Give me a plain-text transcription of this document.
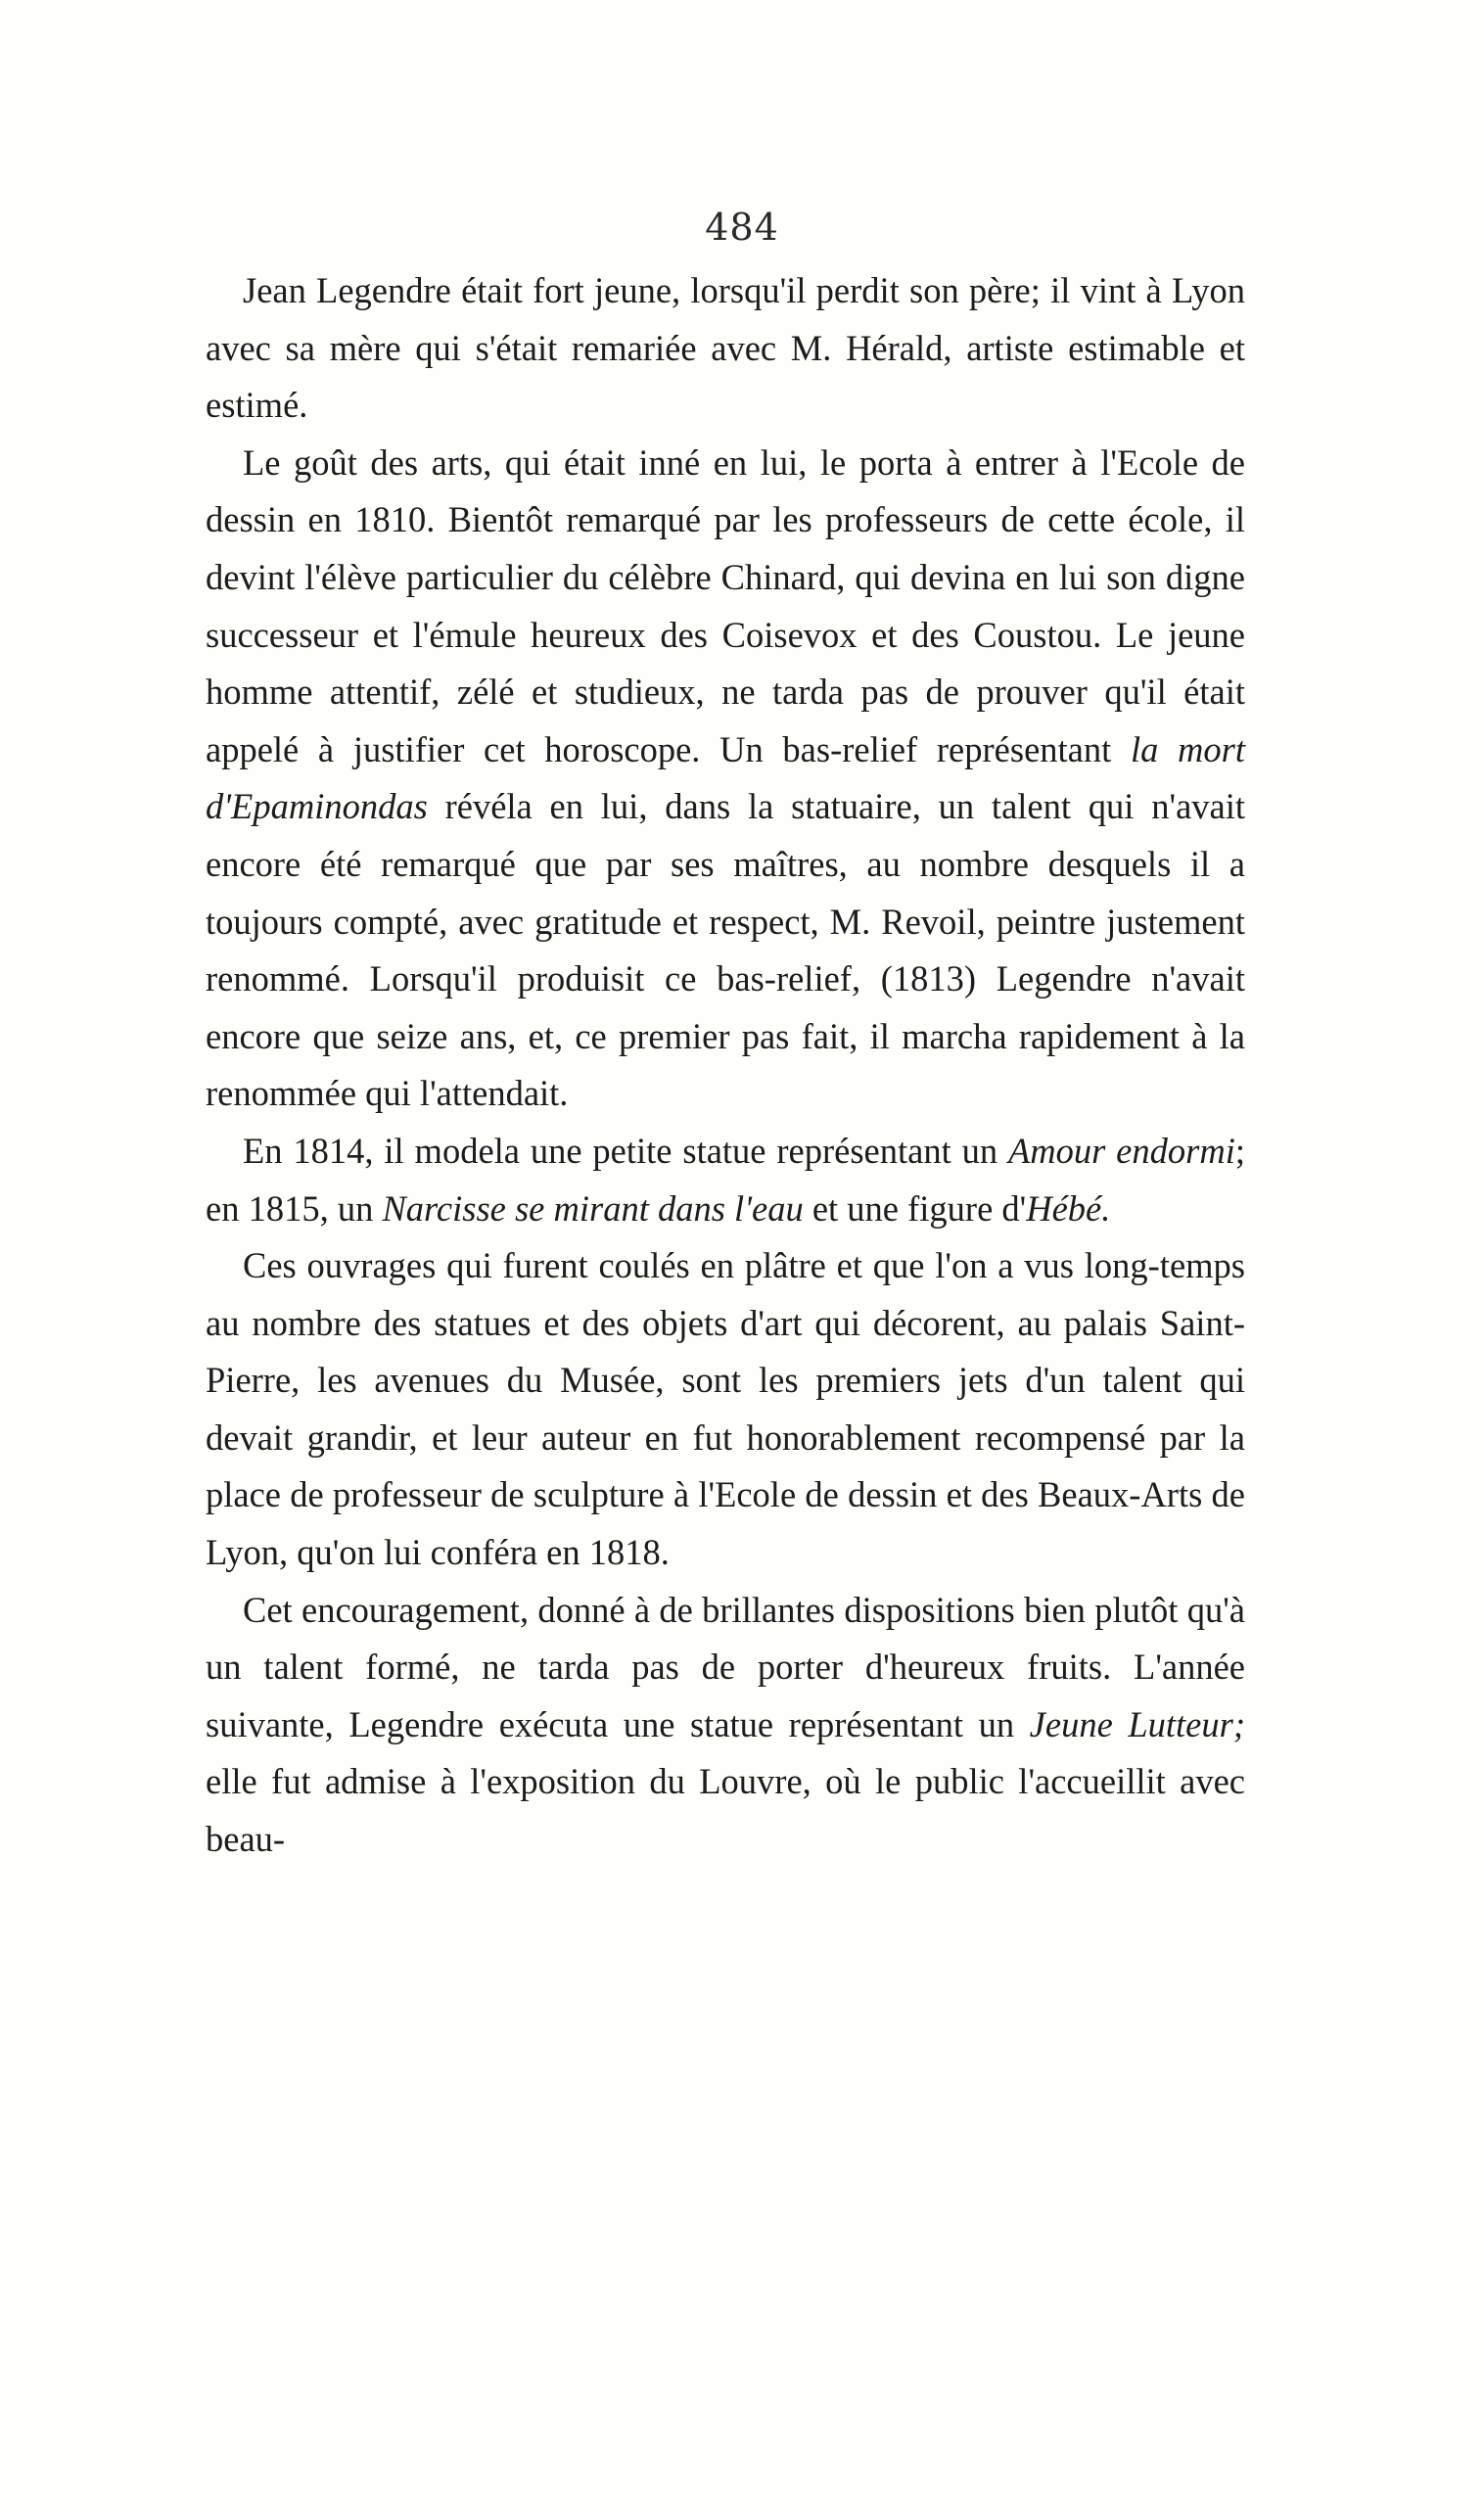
484

Jean Legendre était fort jeune, lorsqu'il perdit son père; il vint à Lyon avec sa mère qui s'était remariée avec M. Hérald, artiste estimable et estimé.

Le goût des arts, qui était inné en lui, le porta à entrer à l'Ecole de dessin en 1810. Bientôt remarqué par les professeurs de cette école, il devint l'élève particulier du célèbre Chinard, qui devina en lui son digne successeur et l'émule heureux des Coisevox et des Coustou. Le jeune homme attentif, zélé et studieux, ne tarda pas de prouver qu'il était appelé à justifier cet horoscope. Un bas-relief représentant la mort d'Epaminondas révéla en lui, dans la statuaire, un talent qui n'avait encore été remarqué que par ses maîtres, au nombre desquels il a toujours compté, avec gratitude et respect, M. Revoil, peintre justement renommé. Lorsqu'il produisit ce bas-relief, (1813) Legendre n'avait encore que seize ans, et, ce premier pas fait, il marcha rapidement à la renommée qui l'attendait.

En 1814, il modela une petite statue représentant un Amour endormi; en 1815, un Narcisse se mirant dans l'eau et une figure d'Hébé.

Ces ouvrages qui furent coulés en plâtre et que l'on a vus long-temps au nombre des statues et des objets d'art qui décorent, au palais Saint-Pierre, les avenues du Musée, sont les premiers jets d'un talent qui devait grandir, et leur auteur en fut honorablement recompensé par la place de professeur de sculpture à l'Ecole de dessin et des Beaux-Arts de Lyon, qu'on lui conféra en 1818.

Cet encouragement, donné à de brillantes dispositions bien plutôt qu'à un talent formé, ne tarda pas de porter d'heureux fruits. L'année suivante, Legendre exécuta une statue représentant un Jeune Lutteur; elle fut admise à l'exposition du Louvre, où le public l'accueillit avec beau-
